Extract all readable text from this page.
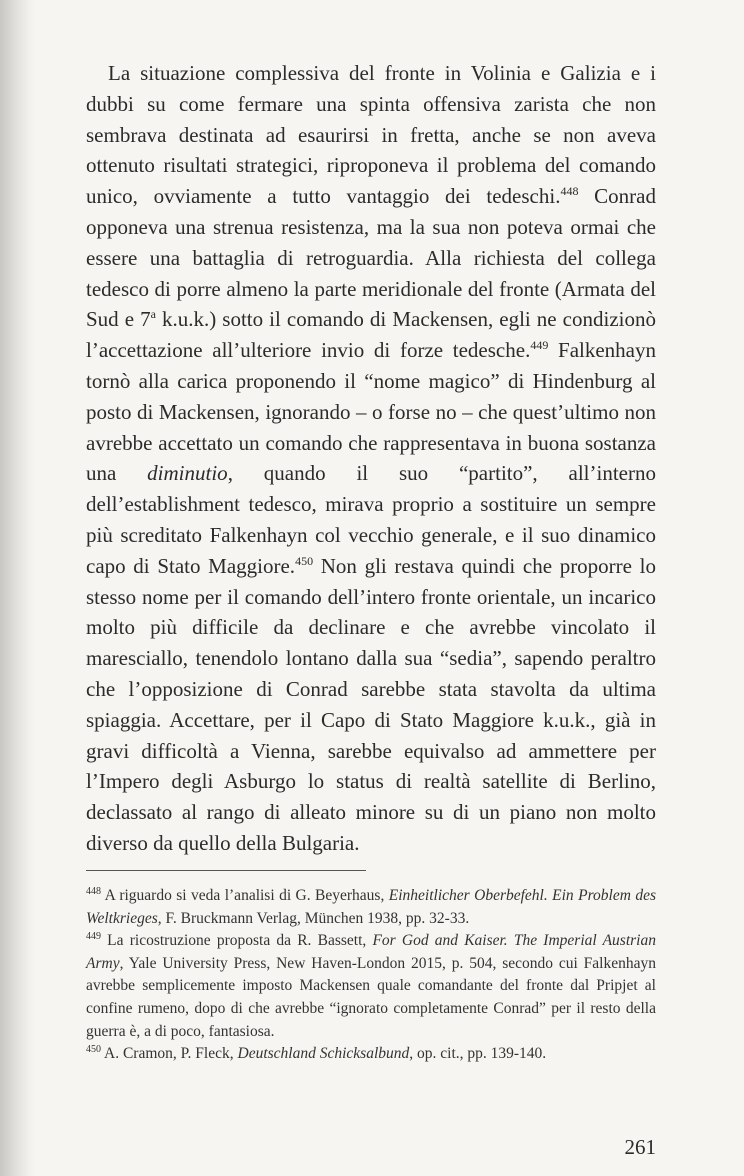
La situazione complessiva del fronte in Volinia e Galizia e i dubbi su come fermare una spinta offensiva zarista che non sembrava destinata ad esaurirsi in fretta, anche se non aveva ottenuto risultati strategici, riproponeva il problema del comando unico, ovviamente a tutto vantaggio dei tedeschi.$^{448}$ Conrad opponeva una strenua resistenza, ma la sua non poteva ormai che essere una battaglia di retroguardia. Alla richiesta del collega tedesco di porre almeno la parte meridionale del fronte (Armata del Sud e 7$^a$ k.u.k.) sotto il comando di Mackensen, egli ne condizionò l’accettazione all’ulteriore invio di forze tedesche.$^{449}$ Falkenhayn tornò alla carica proponendo il “nome magico” di Hindenburg al posto di Mackensen, ignorando – o forse no – che quest’ultimo non avrebbe accettato un comando che rappresentava in buona sostanza una diminutio, quando il suo “partito”, all’interno dell’establishment tedesco, mirava proprio a sostituire un sempre più screditato Falkenhayn col vecchio generale, e il suo dinamico capo di Stato Maggiore.$^{450}$ Non gli restava quindi che proporre lo stesso nome per il comando dell’intero fronte orientale, un incarico molto più difficile da declinare e che avrebbe vincolato il maresciallo, tenendolo lontano dalla sua “sedia”, sapendo peraltro che l’opposizione di Conrad sarebbe stata stavolta da ultima spiaggia. Accettare, per il Capo di Stato Maggiore k.u.k., già in gravi difficoltà a Vienna, sarebbe equivalso ad ammettere per l’Impero degli Asburgo lo status di realtà satellite di Berlino, declassato al rango di alleato minore su di un piano non molto diverso da quello della Bulgaria.

$^{448}$ A riguardo si veda l’analisi di G. Beyerhaus, Einheitlicher Oberbefehl. Ein Problem des Weltkrieges, F. Bruckmann Verlag, München 1938, pp. 32-33.

$^{449}$ La ricostruzione proposta da R. Bassett, For God and Kaiser. The Imperial Austrian Army, Yale University Press, New Haven-London 2015, p. 504, secondo cui Falkenhayn avrebbe semplicemente imposto Mackensen quale comandante del fronte dal Pripjet al confine rumeno, dopo di che avrebbe “ignorato completamente Conrad” per il resto della guerra è, a di poco, fantasiosa.

$^{450}$ A. Cramon, P. Fleck, Deutschland Schicksalbund, op. cit., pp. 139-140.

261
